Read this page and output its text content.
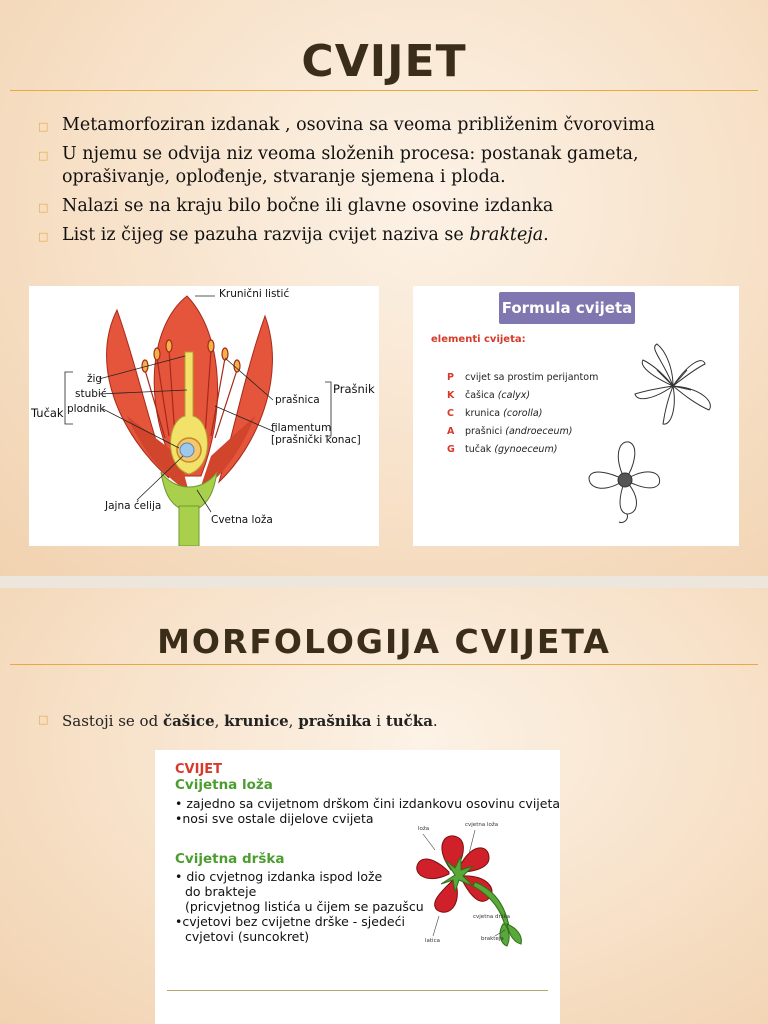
CVIJET
□ Metamorfoziran izdanak , osovina sa veoma približenim čvorovima
□ U njemu se odvija niz veoma složenih procesa: postanak gameta, oprašivanje, oplođenje, stvaranje sjemena i ploda.
□ Nalazi se na kraju bilo bočne ili glavne osovine izdanka
□ List iz čijeg se pazuha razvija cvijet naziva se brakteja.
Krunični listić
žig
stubić
plodnik
Tučak
prašnica
Prašnik
filamentum
[prašnički konac]
Jajna ćelija
Cvetna loža
Formula cvijeta
elementi cvijeta:
P cvijet sa prostim perijantom
K čašica (calyx)
C krunica (corolla)
A prašnici (androeceum)
G tučak (gynoeceum)
MORFOLOGIJA CVIJETA
□ Sastoji se od čašice, krunice, prašnika i tučka.
CVIJET
Cvijetna loža
• zajedno sa cvijetnom drškom čini izdankovu osovinu cvijeta
•nosi sve ostale dijelove cvijeta
Cvijetna drška
• dio cvjetnog izdanka ispod lože
do brakteje
(pricvjetnog listića u čijem se pazušcu
•cvjetovi bez cvijetne drške - sjedeći
cvjetovi (suncokret)
loža
cvjetna loža
cvjetna drška
latica	brakteja
